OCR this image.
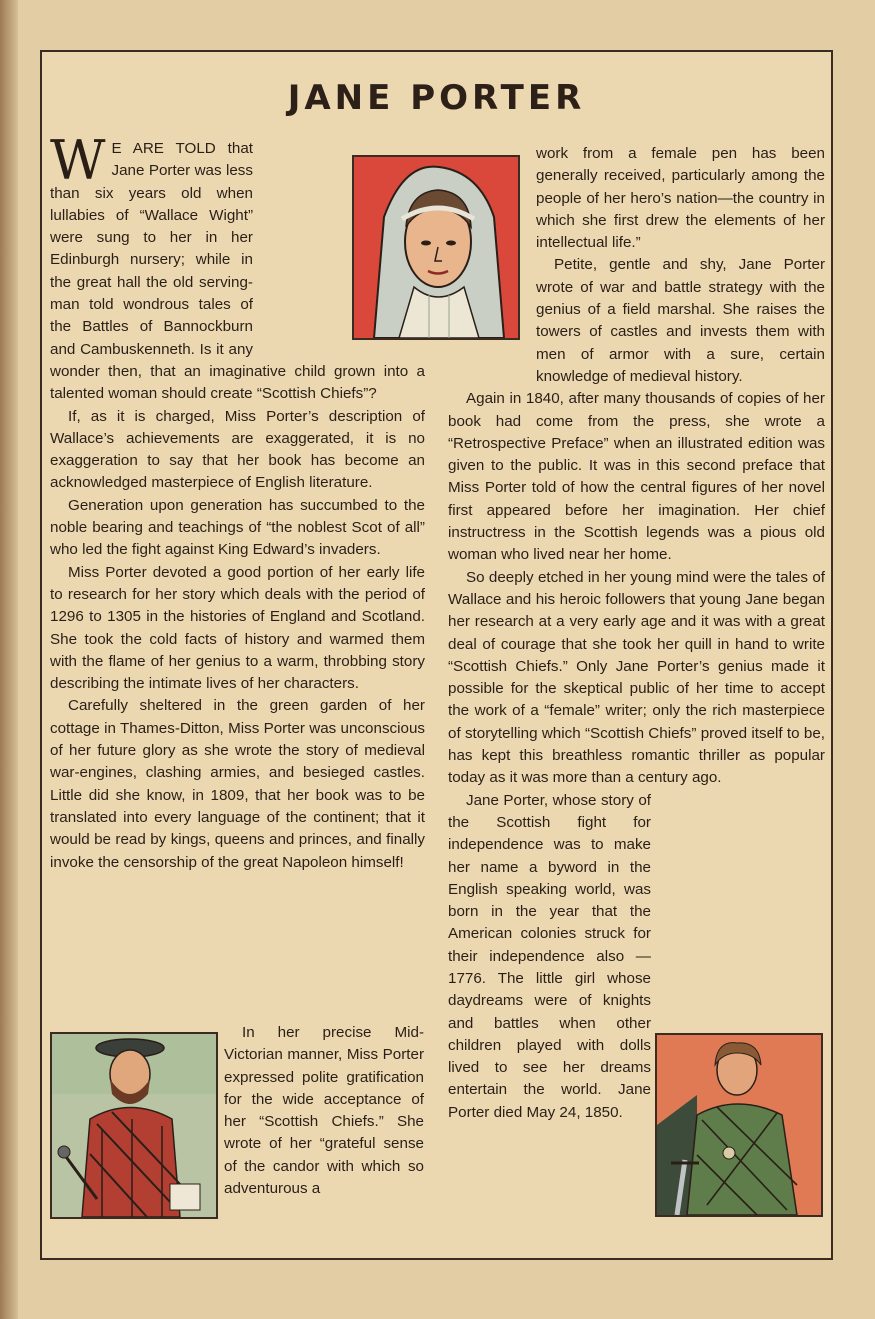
JANE PORTER

W E ARE TOLD that Jane Porter was less than six years old when lullabies of “Wallace Wight” were sung to her in her Edinburgh nursery; while in the great hall the old serving-man told wondrous tales of the Battles of Bannockburn and Cambuskenneth. Is it any wonder then, that an imaginative child grown into a talented woman should create “Scottish Chiefs”?

If, as it is charged, Miss Porter’s description of Wallace’s achievements are exaggerated, it is no exaggeration to say that her book has become an acknowledged masterpiece of English literature.

Generation upon generation has succumbed to the noble bearing and teachings of “the noblest Scot of all” who led the fight against King Edward’s invaders.

Miss Porter devoted a good portion of her early life to research for her story which deals with the period of 1296 to 1305 in the histories of England and Scotland. She took the cold facts of history and warmed them with the flame of her genius to a warm, throbbing story describing the intimate lives of her characters.

Carefully sheltered in the green garden of her cottage in Thames-Ditton, Miss Porter was unconscious of her future glory as she wrote the story of medieval war-engines, clashing armies, and besieged castles. Little did she know, in 1809, that her book was to be translated into every language of the continent; that it would be read by kings, queens and princes, and finally invoke the censorship of the great Napoleon himself!

In her precise Mid-Victorian manner, Miss Porter expressed polite gratification for the wide acceptance of her “Scottish Chiefs.” She wrote of her “grateful sense of the candor with which so adventurous a

work from a female pen has been generally received, particularly among the people of her hero’s nation—the country in which she first drew the elements of her intellectual life.”

Petite, gentle and shy, Jane Porter wrote of war and battle strategy with the genius of a field marshal. She raises the towers of castles and invests them with men of armor with a sure, certain knowledge of medieval history.

Again in 1840, after many thousands of copies of her book had come from the press, she wrote a “Retrospective Preface” when an illustrated edition was given to the public. It was in this second preface that Miss Porter told of how the central figures of her novel first appeared before her imagination. Her chief instructress in the Scottish legends was a pious old woman who lived near her home.

So deeply etched in her young mind were the tales of Wallace and his heroic followers that young Jane began her research at a very early age and it was with a great deal of courage that she took her quill in hand to write “Scottish Chiefs.” Only Jane Porter’s genius made it possible for the skeptical public of her time to accept the work of a “female” writer; only the rich masterpiece of storytelling which “Scottish Chiefs” proved itself to be, has kept this breathless romantic thriller as popular today as it was more than a century ago.

Jane Porter, whose story of the Scottish fight for independence was to make her name a byword in the English speaking world, was born in the year that the American colonies struck for their independence also — 1776. The little girl whose daydreams were of knights and battles when other children played with dolls lived to see her dreams entertain the world. Jane Porter died May 24, 1850.
